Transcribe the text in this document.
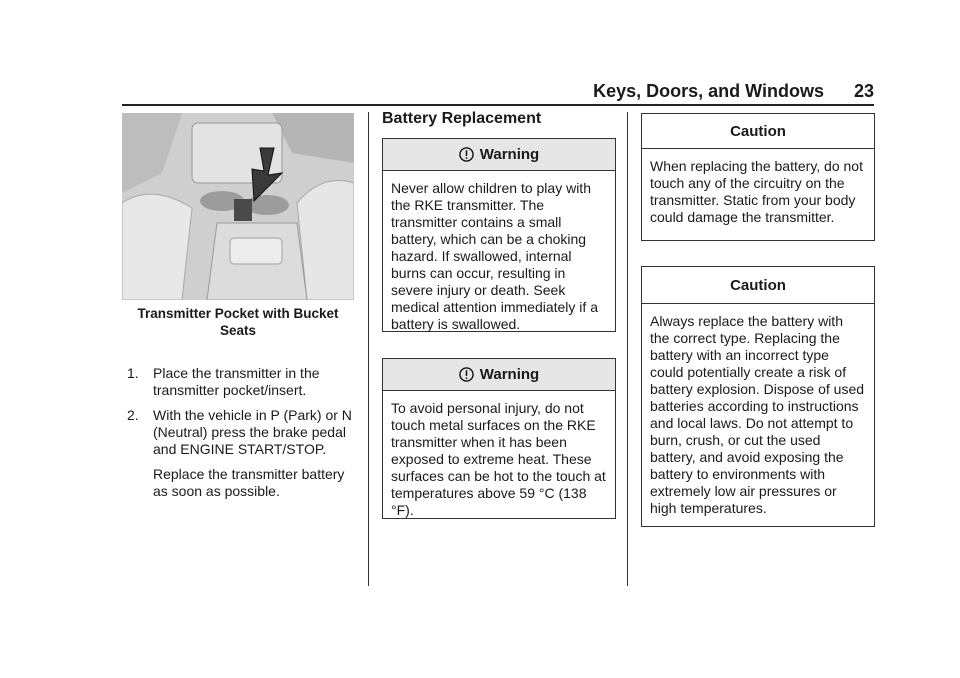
Keys, Doors, and Windows 23
Transmitter Pocket with Bucket Seats
1.	Place the transmitter in the transmitter pocket/insert.
2.	With the vehicle in P (Park) or N (Neutral) press the brake pedal and ENGINE START/STOP.
Replace the transmitter battery as soon as possible.
Battery Replacement
Warning
Never allow children to play with the RKE transmitter. The transmitter contains a small battery, which can be a choking hazard. If swallowed, internal burns can occur, resulting in severe injury or death. Seek medical attention immediately if a battery is swallowed.
Warning
To avoid personal injury, do not touch metal surfaces on the RKE transmitter when it has been exposed to extreme heat. These surfaces can be hot to the touch at temperatures above 59 °C (138 °F).
Caution
When replacing the battery, do not touch any of the circuitry on the transmitter. Static from your body could damage the transmitter.
Caution
Always replace the battery with the correct type. Replacing the battery with an incorrect type could potentially create a risk of battery explosion. Dispose of used batteries according to instructions and local laws. Do not attempt to burn, crush, or cut the used battery, and avoid exposing the battery to environments with extremely low air pressures or high temperatures.
